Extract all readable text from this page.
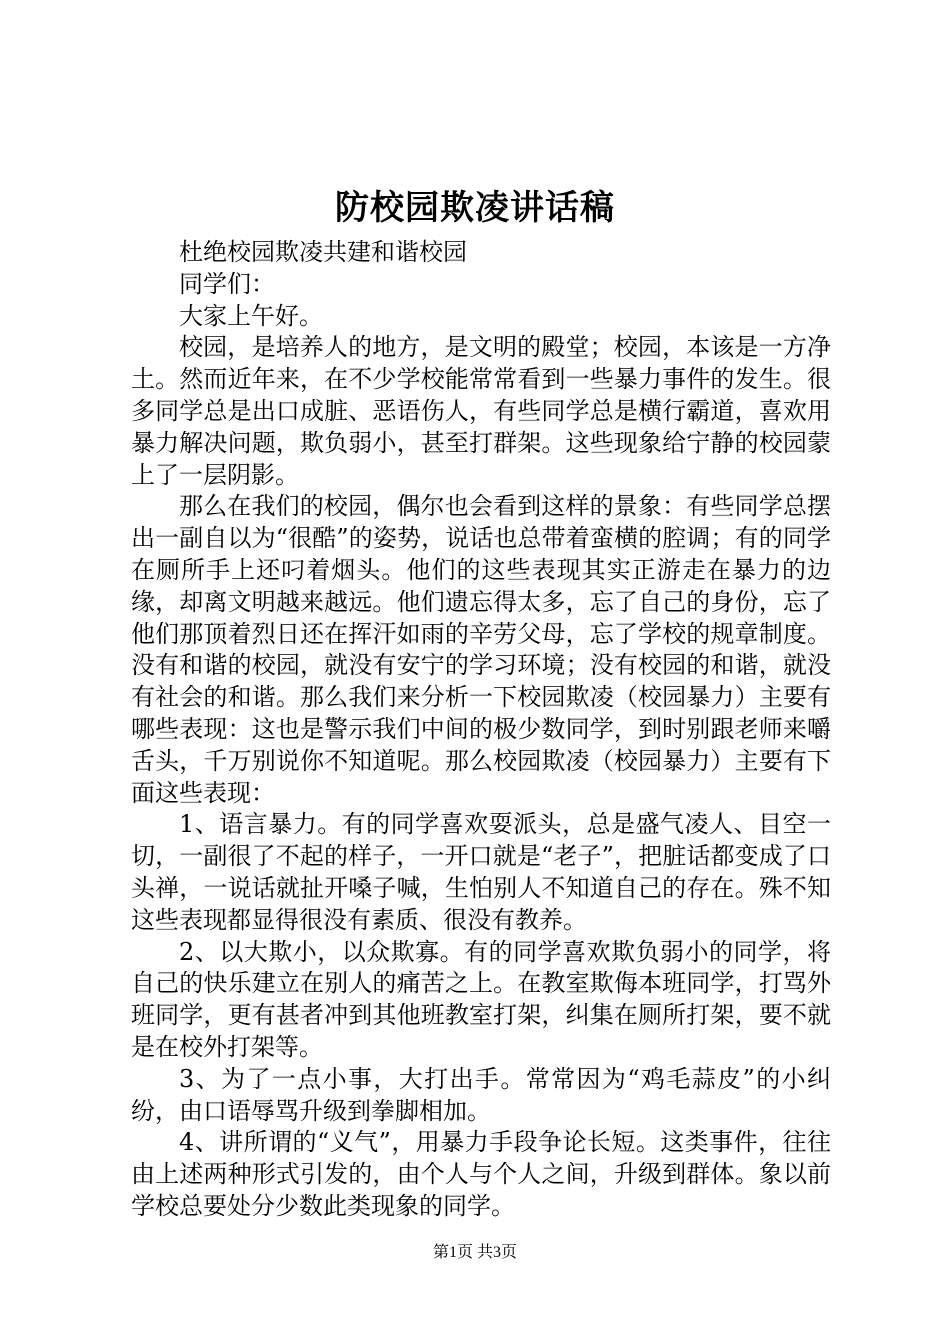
防校园欺凌讲话稿

杜绝校园欺凌共建和谐校园

同学们：

大家上午好。

校园，是培养人的地方，是文明的殿堂；校园，本该是一方净土。然而近年来，在不少学校能常常看到一些暴力事件的发生。很多同学总是出口成脏、恶语伤人，有些同学总是横行霸道，喜欢用暴力解决问题，欺负弱小，甚至打群架。这些现象给宁静的校园蒙上了一层阴影。

那么在我们的校园，偶尔也会看到这样的景象：有些同学总摆出一副自以为“很酷”的姿势，说话也总带着蛮横的腔调；有的同学在厕所手上还叼着烟头。他们的这些表现其实正游走在暴力的边缘，却离文明越来越远。他们遗忘得太多，忘了自己的身份，忘了他们那顶着烈日还在挥汗如雨的辛劳父母，忘了学校的规章制度。没有和谐的校园，就没有安宁的学习环境；没有校园的和谐，就没有社会的和谐。那么我们来分析一下校园欺凌（校园暴力）主要有哪些表现：这也是警示我们中间的极少数同学，到时别跟老师来嚼舌头，千万别说你不知道呢。那么校园欺凌（校园暴力）主要有下面这些表现：

1、语言暴力。有的同学喜欢耍派头，总是盛气凌人、目空一切，一副很了不起的样子，一开口就是“老子”，把脏话都变成了口头禅，一说话就扯开嗓子喊，生怕别人不知道自己的存在。殊不知这些表现都显得很没有素质、很没有教养。

2、以大欺小，以众欺寡。有的同学喜欢欺负弱小的同学，将自己的快乐建立在别人的痛苦之上。在教室欺侮本班同学，打骂外班同学，更有甚者冲到其他班教室打架，纠集在厕所打架，要不就是在校外打架等。

3、为了一点小事，大打出手。常常因为“鸡毛蒜皮”的小纠纷，由口语辱骂升级到拳脚相加。

4、讲所谓的“义气”，用暴力手段争论长短。这类事件，往往由上述两种形式引发的，由个人与个人之间，升级到群体。象以前学校总要处分少数此类现象的同学。

第1页 共3页
